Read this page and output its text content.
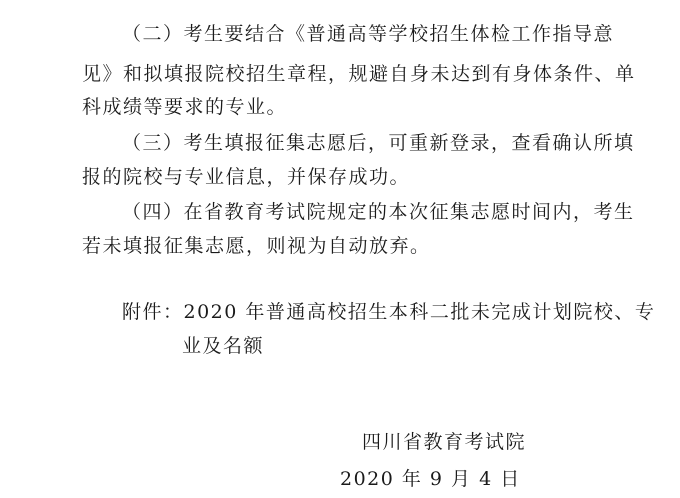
（二）考生要结合《普通高等学校招生体检工作指导意
见》和拟填报院校招生章程，规避自身未达到有身体条件、单
科成绩等要求的专业。
（三）考生填报征集志愿后，可重新登录，查看确认所填
报的院校与专业信息，并保存成功。
（四）在省教育考试院规定的本次征集志愿时间内，考生
若未填报征集志愿，则视为自动放弃。
附件：2020 年普通高校招生本科二批未完成计划院校、专
业及名额
四川省教育考试院
2020 年 9 月 4 日
